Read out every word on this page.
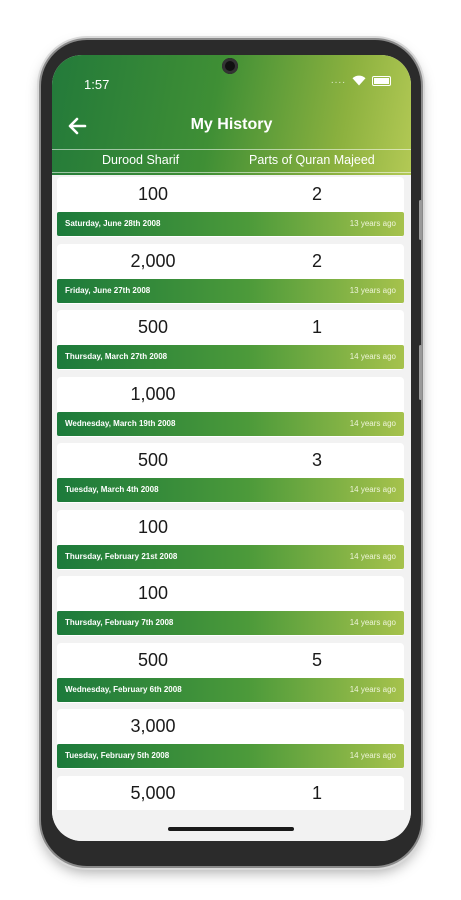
1:57	....
My History
Durood Sharif	Parts of Quran Majeed
100	2
Saturday, June 28th 2008	13 years ago
2,000	2
Friday, June 27th 2008	13 years ago
500	1
Thursday, March 27th 2008	14 years ago
1,000
Wednesday, March 19th 2008	14 years ago
500	3
Tuesday, March 4th 2008	14 years ago
100
Thursday, February 21st 2008	14 years ago
100
Thursday, February 7th 2008	14 years ago
500	5
Wednesday, February 6th 2008	14 years ago
3,000
Tuesday, February 5th 2008	14 years ago
5,000	1
